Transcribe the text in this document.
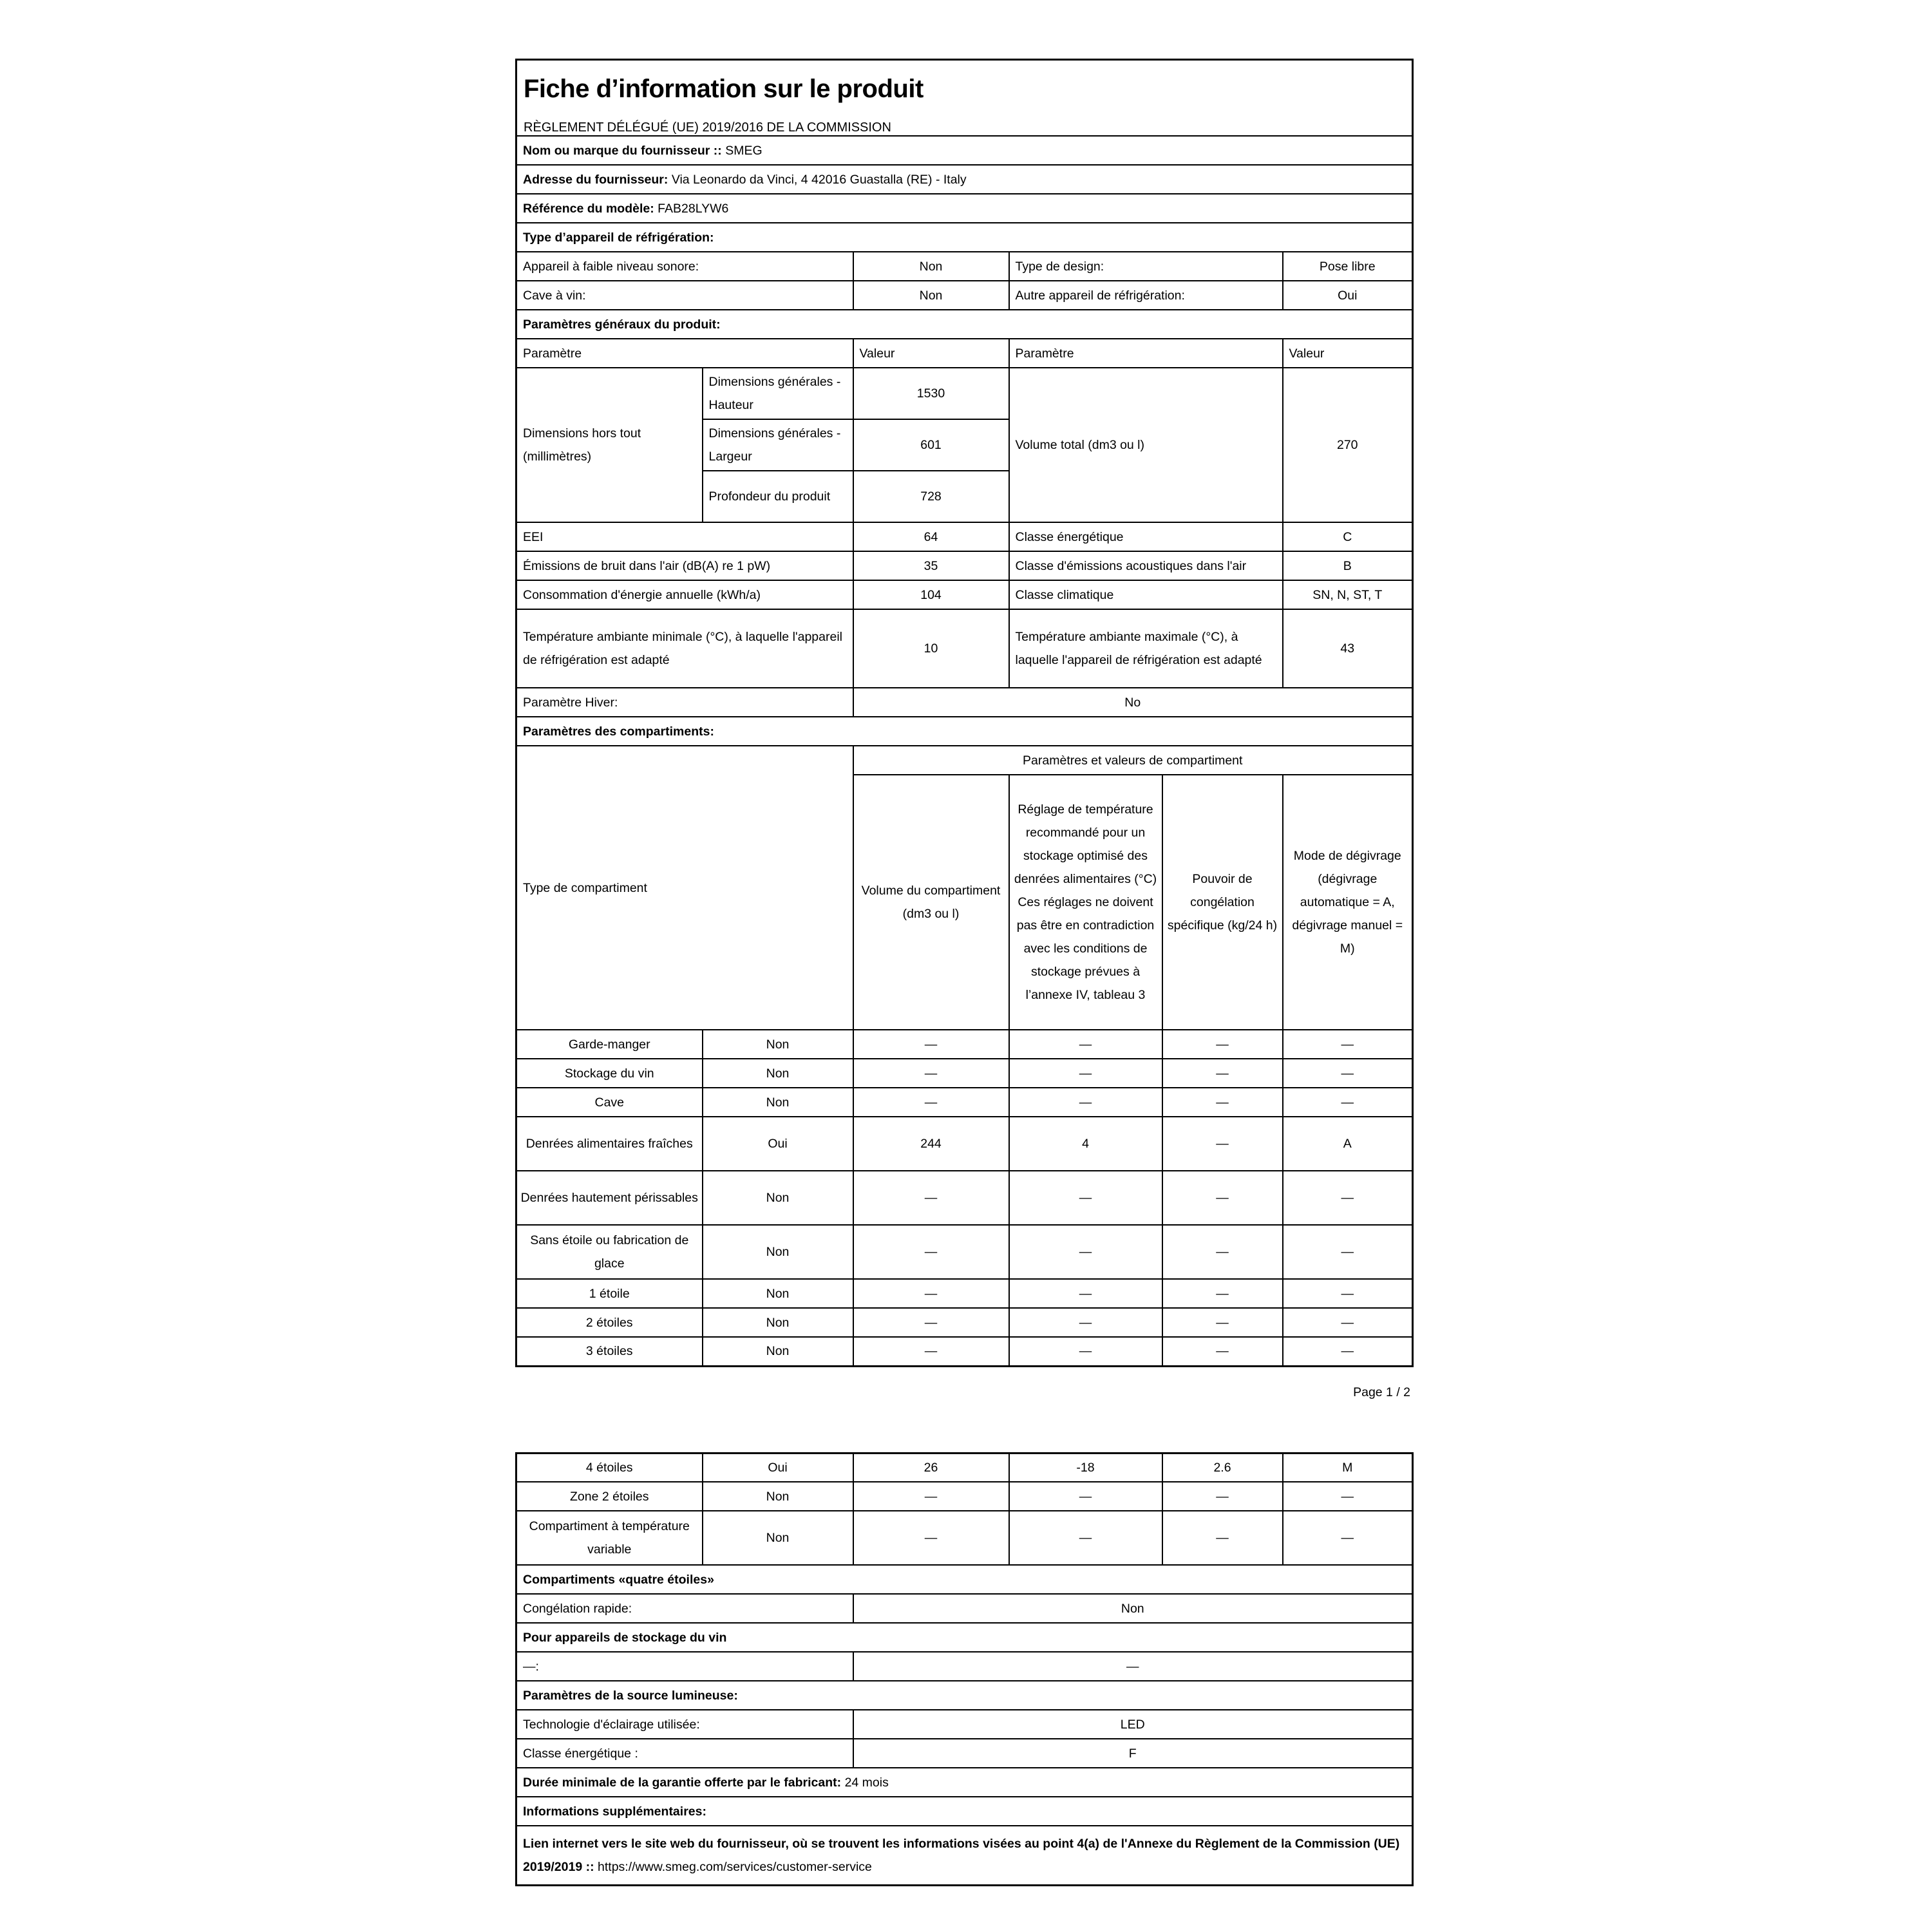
Fiche d’information sur le produit
RÈGLEMENT DÉLÉGUÉ (UE) 2019/2016 DE LA COMMISSION

Nom ou marque du fournisseur :: SMEG					
Adresse du fournisseur: Via Leonardo da Vinci, 4 42016 Guastalla (RE) - Italy					
Référence du modèle: FAB28LYW6					
Type d’appareil de réfrigération:					
Appareil à faible niveau sonore:		Non	Type de design:		Pose libre
Cave à vin:		Non	Autre appareil de réfrigération:		Oui
Paramètres généraux du produit:					
Paramètre		Valeur	Paramètre		Valeur
Dimensions hors tout (millimètres)	Dimensions générales - Hauteur	1530	Volume total (dm3 ou l)		270
	Dimensions générales - Largeur	601			
	Profondeur du produit	728			
EEI		64	Classe énergétique		C
Émissions de bruit dans l'air (dB(A) re 1 pW)		35	Classe d'émissions acoustiques dans l'air		B
Consommation d'énergie annuelle (kWh/a)		104	Classe climatique		SN, N, ST, T
Température ambiante minimale (°C), à laquelle l'appareil de réfrigération est adapté		10	Température ambiante maximale (°C), à laquelle l'appareil de réfrigération est adapté		43
Paramètre Hiver:		No			
Paramètres des compartiments:					
Type de compartiment		Paramètres et valeurs de compartiment			
		Volume du compartiment (dm3 ou l)	Réglage de température recommandé pour un stockage optimisé des denrées alimentaires (°C) Ces réglages ne doivent pas être en contradiction avec les conditions de stockage prévues à l’annexe IV, tableau 3	Pouvoir de congélation spécifique (kg/24 h)	Mode de dégivrage (dégivrage automatique = A, dégivrage manuel = M)
Garde-manger	Non	—	—	—	—
Stockage du vin	Non	—	—	—	—
Cave	Non	—	—	—	—
Denrées alimentaires fraîches	Oui	244	4	—	A
Denrées hautement périssables	Non	—	—	—	—
Sans étoile ou fabrication de glace	Non	—	—	—	—
1 étoile	Non	—	—	—	—
2 étoiles	Non	—	—	—	—
3 étoiles	Non	—	—	—	—
Page 1 / 2
4 étoiles	Oui	26	-18	2.6	M
Zone 2 étoiles	Non	—	—	—	—
Compartiment à température variable	Non	—	—	—	—
Compartiments «quatre étoiles»					
Congélation rapide:		Non			
Pour appareils de stockage du vin					
—:		—			
Paramètres de la source lumineuse:					
Technologie d'éclairage utilisée:		LED			
Classe énergétique :		F			
Durée minimale de la garantie offerte par le fabricant: 24 mois					
Informations supplémentaires:					
Lien internet vers le site web du fournisseur, où se trouvent les informations visées au point 4(a) de l'Annexe du Règlement de la Commission (UE) 2019/2019 :: https://www.smeg.com/services/customer-service					
